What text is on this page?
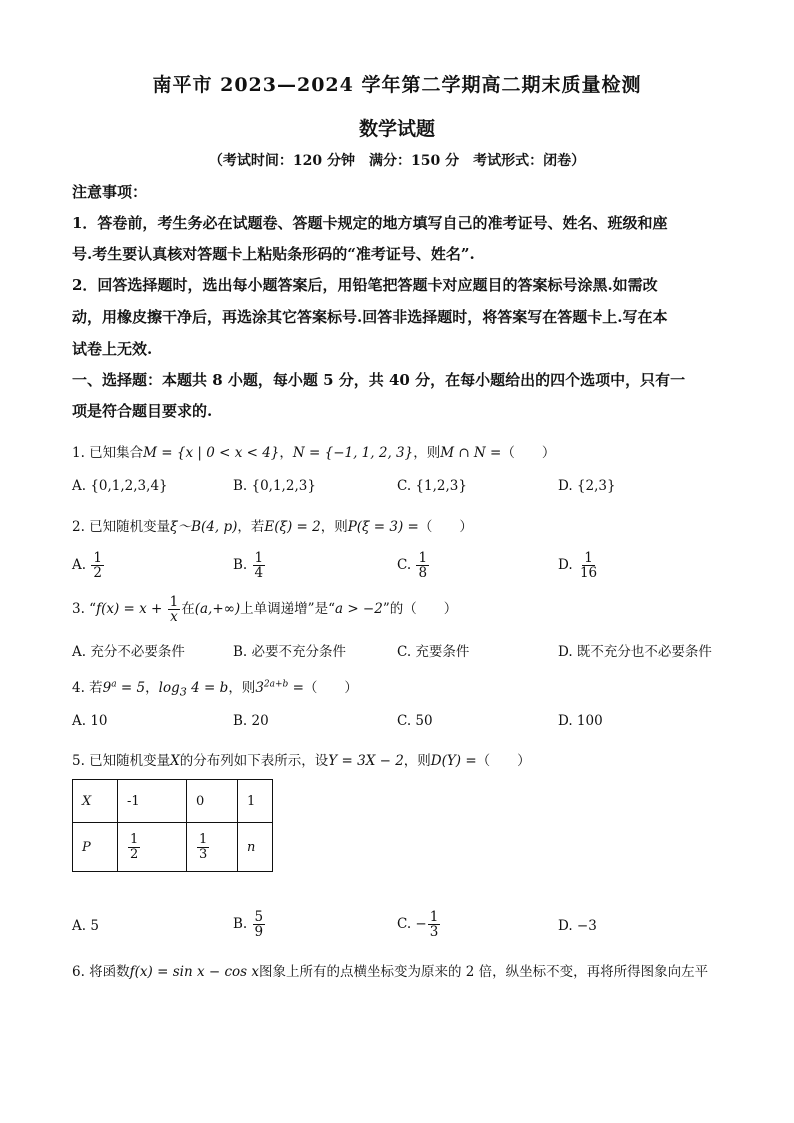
南平市 2023—2024 学年第二学期高二期末质量检测
数学试题
（考试时间：120 分钟　满分：150 分　考试形式：闭卷）
注意事项：
1．答卷前，考生务必在试题卷、答题卡规定的地方填写自己的准考证号、姓名、班级和座
号.考生要认真核对答题卡上粘贴条形码的“准考证号、姓名”.
2．回答选择题时，选出每小题答案后，用铅笔把答题卡对应题目的答案标号涂黑.如需改
动，用橡皮擦干净后，再选涂其它答案标号.回答非选择题时，将答案写在答题卡上.写在本
试卷上无效.
一、选择题：本题共 8 小题，每小题 5 分，共 40 分，在每小题给出的四个选项中，只有一
项是符合题目要求的.
1. 已知集合M = {x | 0 < x < 4}，N = {−1, 1, 2, 3}，则M ∩ N =（　　）
A. {0,1,2,3,4}	B. {0,1,2,3}	C. {1,2,3}	D. {2,3}
2. 已知随机变量ξ～B(4, p)，若E(ξ) = 2，则P(ξ = 3) =（　　）
A. $\frac{1}{2}$	B. $\frac{1}{4}$	C. $\frac{1}{8}$	D. $\frac{1}{16}$
3. “$f(x) = x + \frac{1}{x}$ 在(a,+∞)上单调递增”是“a > −2”的（　　）
A. 充分不必要条件	B. 必要不充分条件	C. 充要条件	D. 既不充分也不必要条件
4. 若$9^a = 5$，$\log_3 4 = b$，则$3^{2a+b}$ =（　　）
A. 10	B. 20	C. 50	D. 100
5. 已知随机变量X的分布列如下表所示，设Y = 3X − 2，则D(Y) =（　　）
X	-1	0	1
P	$\frac{1}{2}$	$\frac{1}{3}$	n
A. 5	B. $\frac{5}{9}$	C. − $\frac{1}{3}$	D. −3
6. 将函数f(x) = sin x − cos x图象上所有的点横坐标变为原来的 2 倍，纵坐标不变，再将所得图象向左平
